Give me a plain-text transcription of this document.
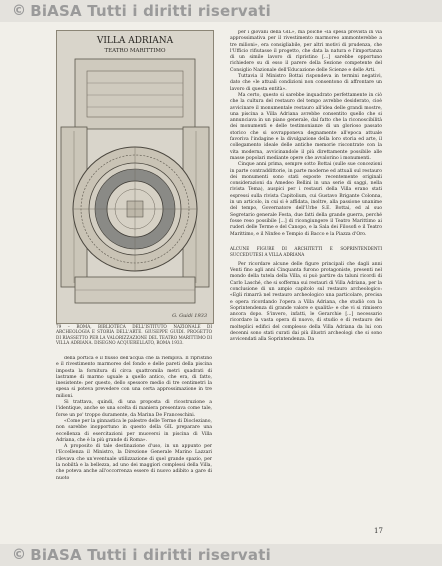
© BiASA Tutti i diritti riservati
VILLA ADRIANA
TEATRO MARITTIMO
G. Guidi 1933
79 – ROMA, BIBLIOTECA DELL'ISTITUTO NAZIONALE DI ARCHEOLOGIA E STORIA DELL'ARTE. GIUSEPPE GUIDI. PROGETTO DI RIASSETTO PER LA VALORIZZAZIONE DEL TEATRO MARITTIMO DI VILLA ADRIANA. DISEGNO ACQUERELLATO, ROMA 1933.

della portica e il flusso dell'acqua che la riempiva. Il ripristino e il rivestimento marmoreo del fondo e delle pareti della piscina imposta la fornitura di circa quattromila metri quadrati di lastrame di marmo uguale a quello antico, che era, di fatto, inesistente: per questo, dello spessore medio di tre centimetri la spesa si poteva prevedere con una certa approssimazione in tre milioni.

Si trattava, quindi, di una proposta di ricostruzione a l'identique, anche se una scelta di maniera presentava come tale, forse un po' troppo duramente, da Marina De Franceschini.

«Come per la ginnastica le palestre delle Terme di Diocleziano, non sarebbe inopportuno in questo della GIL preparare una eccellenza di esercitazioni per muoversi in piscina di Villa Adriana, che è la più grande di Roma».

A proposito di tale destinazione d'uso, in un appunto per l'Eccellenza il Ministro, la Direzione Generale Marino Lazzari rilevava che un'eventuale utilizzazione di quel grande spazio, per la nobiltà e la bellezza, ad uno dei maggiori complessi della Villa, che poteva anche all'occorrenza essere di nuovo adibito a gare di nuoto

per i giovani della GIL», ma poiché «la spesa prevista in via approssimativa per il rivestimento marmoreo ammonterebbe a tre milioni», era consigliabile, per altri motivi di prudenza, che l'Ufficio rifiutasse il progetto, che data la natura e l'importanza di un simile lavoro di ripristino [...] sarebbe opportuno richiedere su di esso il parere della Sezione competente del Consiglio Nazionale dell'Educazione delle Scienze e delle Arti.

Tuttavia il Ministro Bottai rispondeva in termini negativi, dato che «le attuali condizioni non consentono di affrontare un lavoro di questa entità».

Ma certo, questo si sarebbe inquadrato perfettamente in ciò che la cultura del restauro del tempo avrebbe desiderato, cioè avvicinare il monumentale restauro all'idea delle grandi mostre, una piscina a Villa Adriana avrebbe consentito quello che si annunciava in un piano generale, dal fatto che la riconoscibilità dei monumenti e delle testimonianze di un glorioso passato storico che si sovrapponeva degnamente all'epoca attuale favoriva l'indagine e la divulgazione della loro storia ed arte, il collegamento ideale delle antiche memorie riscontrate con la vita moderna, avvicinandole il più direttamente possibile alle masse popolari mediante opere che avvalorino i monumenti.

Cinque anni prima, sempre sotto Bottai (sulle sue concezioni in parte contraddittorie, in parte moderne ed attuali sul restauro dei monumenti sono stati esposte recentemente originali considerazioni da Amedeo Bellini in una serie di saggi, nella rivista Tema), auspici per i restauri della Villa erano stati espressi sulla rivista Capitolium, cui Gustavo Brigante Colonna, in un articolo, in cui si è affidata, inoltre, alla passione unanime del tempo, Governatore dell'Urbe S.E. Bottai, ed al suo Segretario generale Festa, due fatti della grande guerra, perché fosse reso possibile [...] di ricongiungere il Teatro Marittimo ai ruderi delle Terme e del Canopo, e la Sala dei Filosofi e il Teatro Marittimo, e il Ninfeo e Tempio di Bacco e la Piazza d'Oro.

ALCUNE FIGURE DI ARCHITETTI E SOPRINTENDENTI SUCCEDUTESI A VILLA ADRIANA

Per ricordare alcune delle figure principali che dagli anni Venti fino agli anni Cinquanta furono protagoniste, presenti nel mondo della tutela della Villa, si può partire da taluni ricordi di Carlo Lasché, che si sofferma sui restauri di Villa Adriana, per la conclusione di un ampio capitolo sul restauro archeologico: «Egli rimarrà nel restauro archeologico una particolare, precisa e opera ricordando l'opera a Villa Adriana, che studiò con la Soprintendenza di grande valore e qualità» e che vi si rimisero ancora dopo. S'invero, infatti, le Gerarchie [...] necessario ricordare la vasta opera di nuovo, di studio e di restauro dei molteplici edifici del complesso della Villa Adriana da lui con decenni sono stati curati dai più illustri archeologi che si sono avvicendati alla Soprintendenza. Da

17
© BiASA Tutti i diritti riservati
